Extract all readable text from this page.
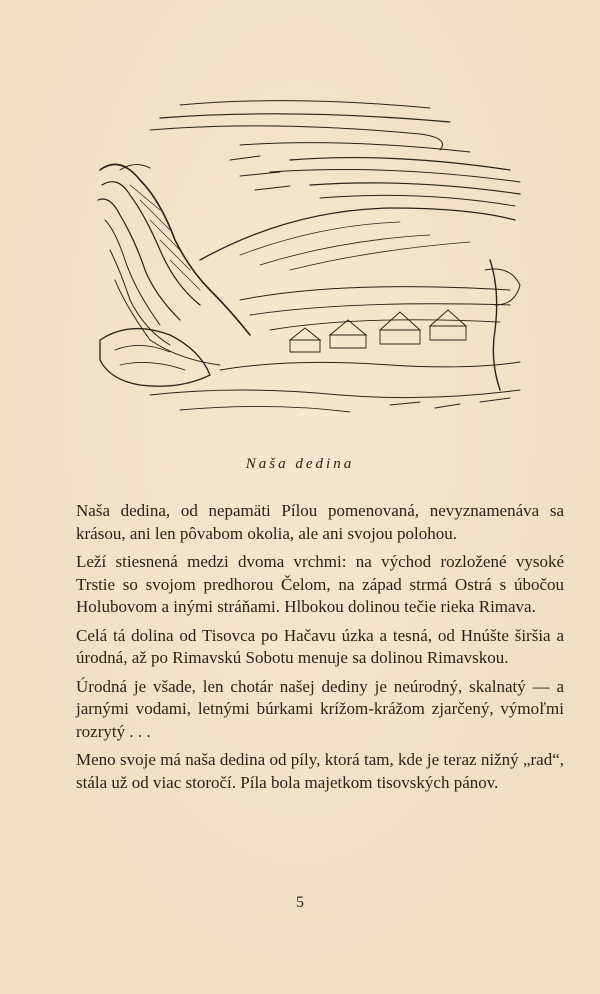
Naša dedina

Naša dedina, od nepamäti Pílou pomenovaná, nevyznamenáva sa krásou, ani len pôvabom okolia, ale ani svojou polohou.

Leží stiesnená medzi dvoma vrchmi: na východ rozložené vysoké Trstie so svojom predhorou Čelom, na západ strmá Ostrá s úbočou Holubovom a inými stráňami. Hlbokou dolinou tečie rieka Rimava.

Celá tá dolina od Tisovca po Hačavu úzka a tesná, od Hnúšte širšia a úrodná, až po Rimavskú Sobotu menuje sa dolinou Rimavskou.

Úrodná je všade, len chotár našej dediny je neúrodný, skalnatý — a jarnými vodami, letnými búrkami krížom-krážom zjarčený, výmoľmi rozrytý . . .

Meno svoje má naša dedina od píly, ktorá tam, kde je teraz nižný „rad“, stála už od viac storočí. Píla bola majetkom tisovských pánov.

5
